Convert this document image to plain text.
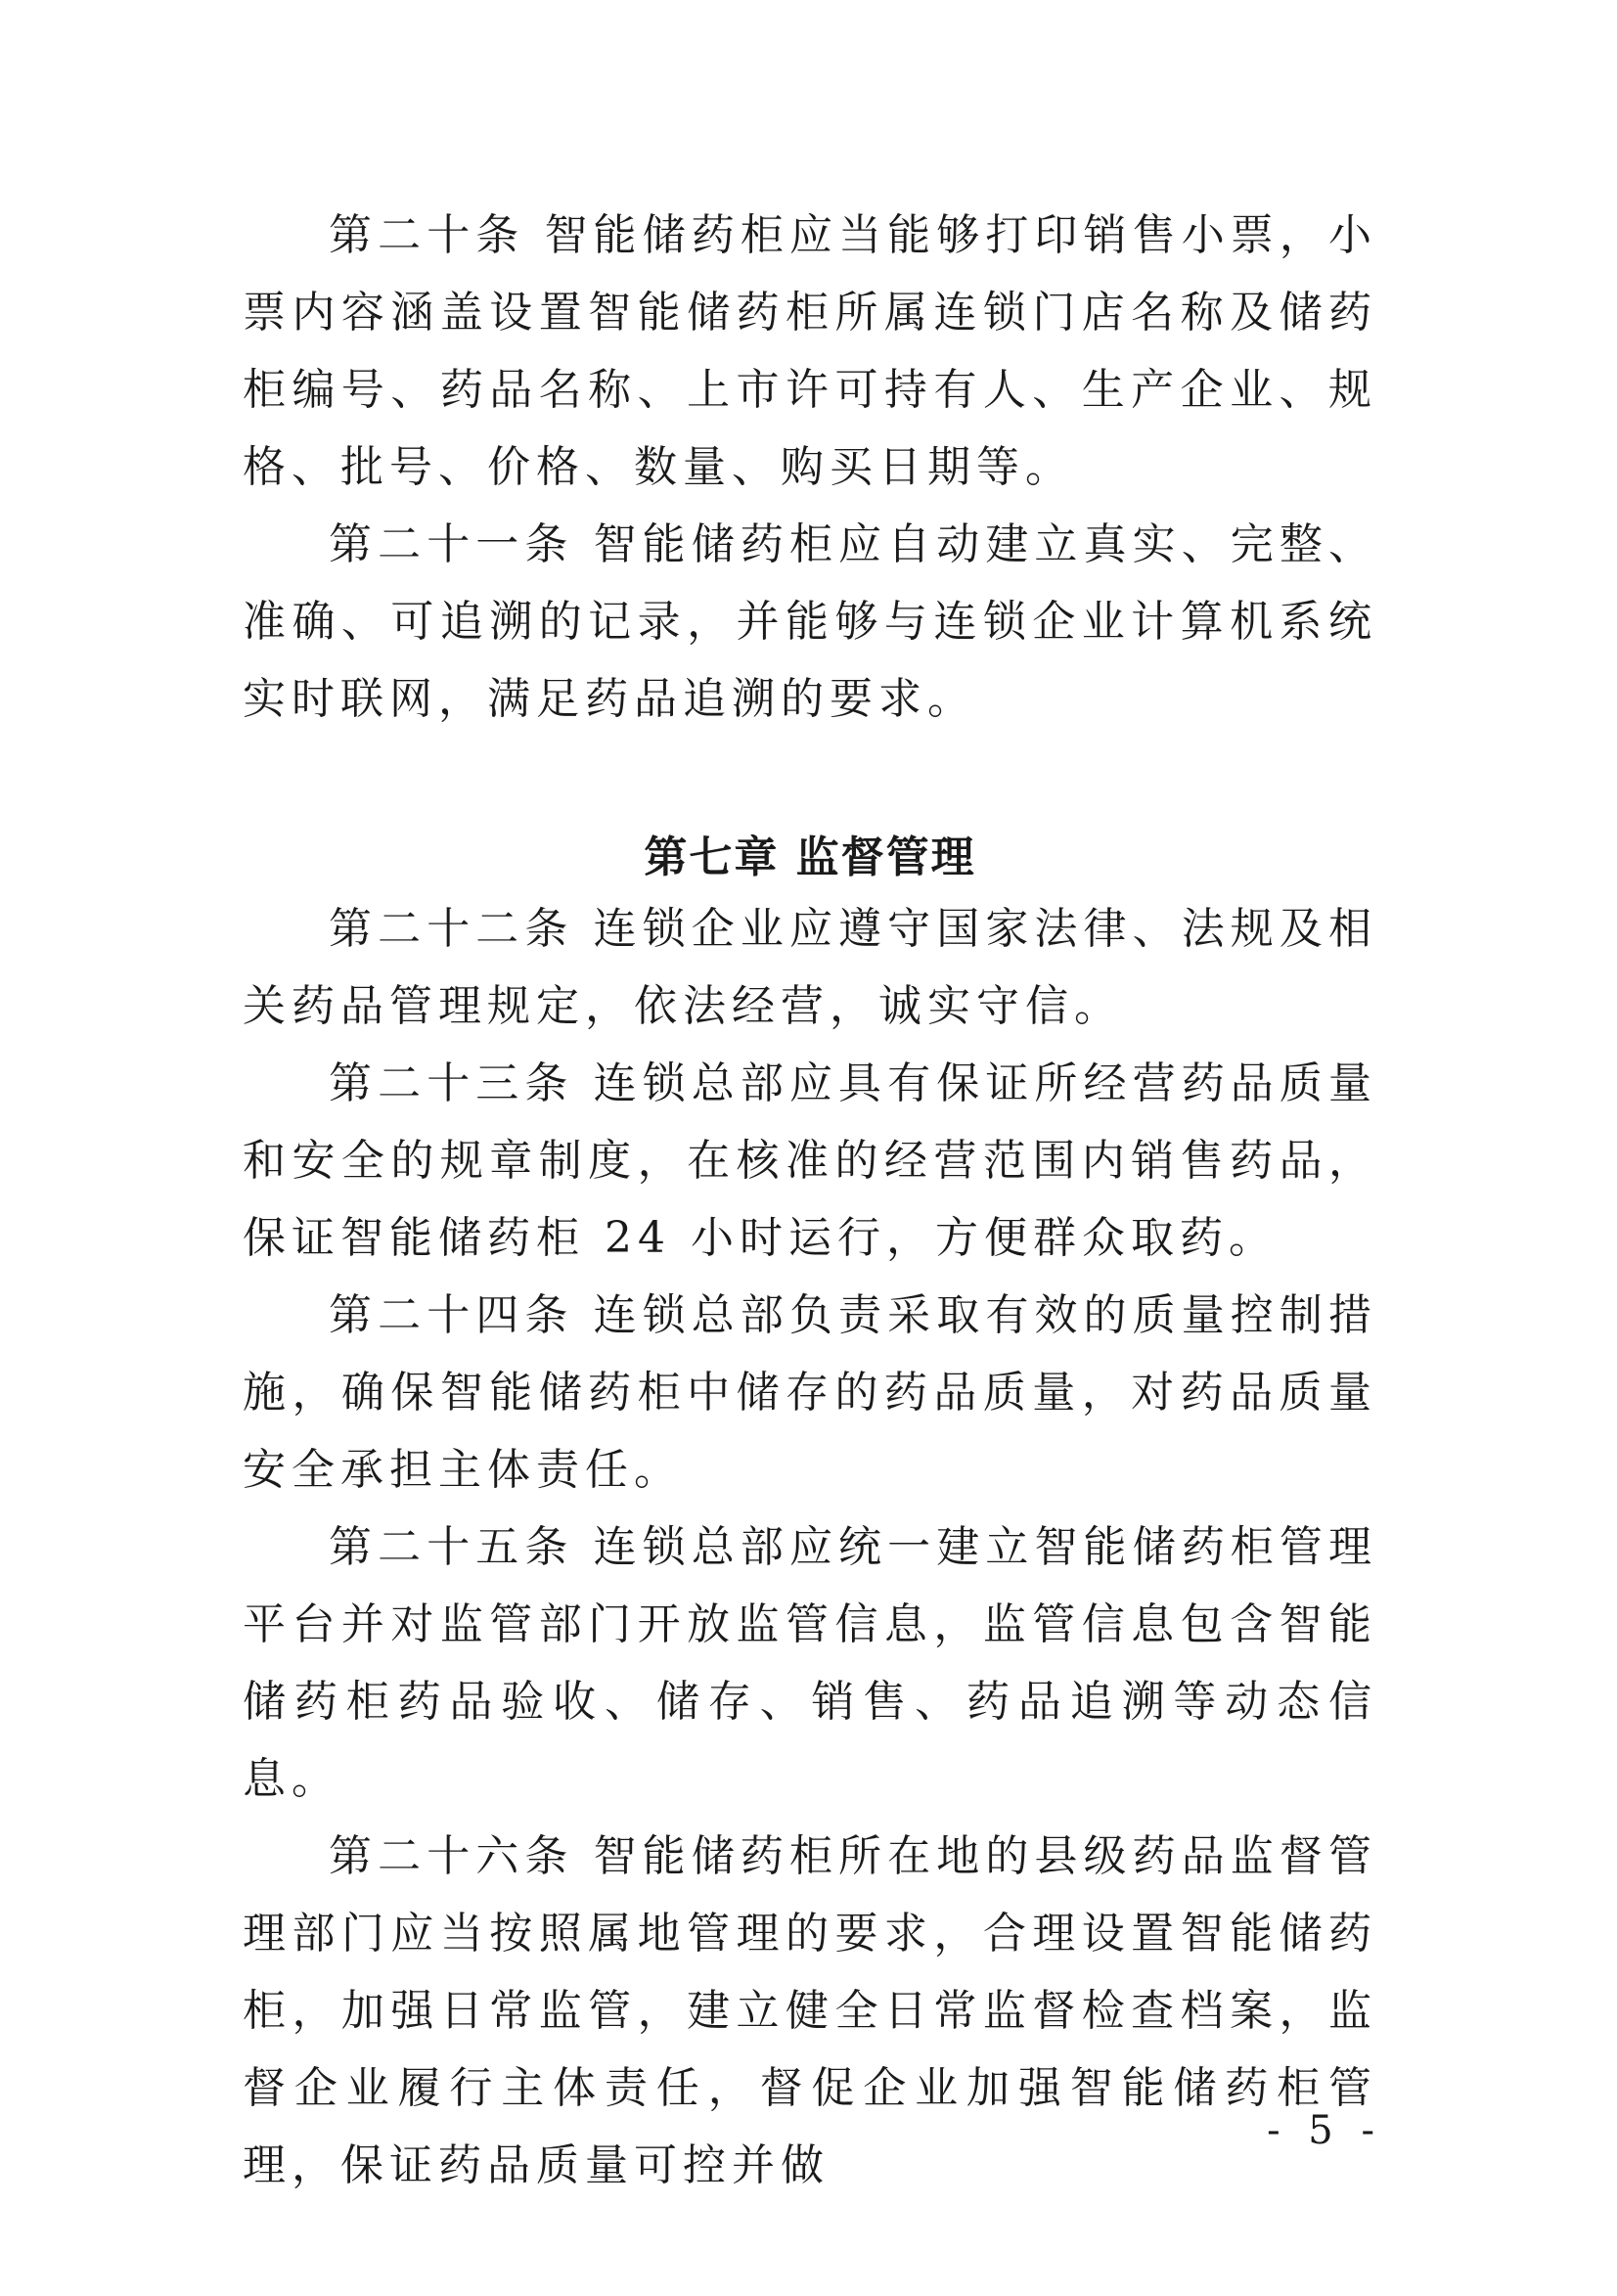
第二十条 智能储药柜应当能够打印销售小票，小票内容涵盖设置智能储药柜所属连锁门店名称及储药柜编号、药品名称、上市许可持有人、生产企业、规格、批号、价格、数量、购买日期等。

第二十一条 智能储药柜应自动建立真实、完整、准确、可追溯的记录，并能够与连锁企业计算机系统实时联网，满足药品追溯的要求。

第七章 监督管理

第二十二条 连锁企业应遵守国家法律、法规及相关药品管理规定，依法经营，诚实守信。

第二十三条 连锁总部应具有保证所经营药品质量和安全的规章制度，在核准的经营范围内销售药品，保证智能储药柜 24 小时运行，方便群众取药。

第二十四条 连锁总部负责采取有效的质量控制措施，确保智能储药柜中储存的药品质量，对药品质量安全承担主体责任。

第二十五条 连锁总部应统一建立智能储药柜管理平台并对监管部门开放监管信息，监管信息包含智能储药柜药品验收、储存、销售、药品追溯等动态信息。

第二十六条 智能储药柜所在地的县级药品监督管理部门应当按照属地管理的要求，合理设置智能储药柜，加强日常监管，建立健全日常监督检查档案，监督企业履行主体责任，督促企业加强智能储药柜管理，保证药品质量可控并做

- 5 -
